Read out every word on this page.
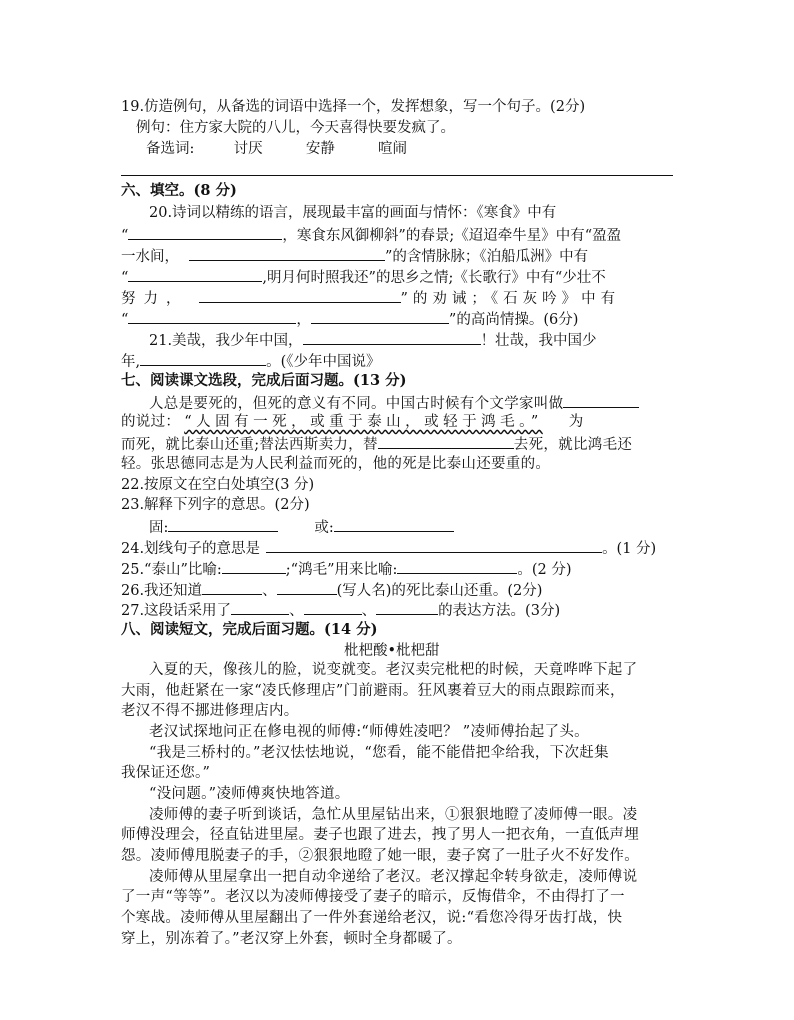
19.仿造例句，从备选的词语中选择一个，发挥想象，写一个句子。(2分)
例句：住方家大院的八儿，今天喜得快要发疯了。
备选词:	讨厌	安静	喧闹
六、填空。(8 分)
20.诗词以精练的语言，展现最丰富的画面与情怀：《寒食》中有
“	，寒食东风御柳斜”的春景;《迢迢牵牛星》中有“盈盈
一水间，	”的含情脉脉；《泊船瓜洲》中有
“	,明月何时照我还”的思乡之情;《长歌行》中有“少壮不
努力，	”的劝诫；《石灰吟》中有
“	，	”的高尚情操。(6分)
21.美哉，我少年中国，	！壮哉，我中国少
年,	。(《少年中国说》
七、阅读课文选段，完成后面习题。(13 分)
人总是要死的，但死的意义有不同。中国古时候有个文学家叫做
的说过： “人固有一死，或重于泰山，或轻于鸿毛。” 为
而死，就比泰山还重;替法西斯卖力，替	去死，就比鸿毛还
轻。张思德同志是为人民利益而死的，他的死是比泰山还要重的。
22.按原文在空白处填空(3 分)
23.解释下列字的意思。(2分)
固:	或:
24.划线句子的意思是	。(1 分)
25.“泰山”比喻:	;“鸿毛”用来比喻:	。(2 分)
26.我还知道	、	(写人名)的死比泰山还重。(2分)
27.这段话采用了	、	、	的表达方法。(3分)
八、阅读短文，完成后面习题。(14 分)
枇杷酸•枇杷甜
入夏的天，像孩儿的脸，说变就变。老汉卖完枇杷的时候，天竟哗哗下起了
大雨，他赶紧在一家“凌氏修理店”门前避雨。狂风裹着豆大的雨点跟踪而来，
老汉不得不挪进修理店内。
老汉试探地问正在修电视的师傅:“师傅姓凌吧？ ”凌师傅抬起了头。
“我是三桥村的。”老汉怯怯地说，“您看，能不能借把伞给我，下次赶集
我保证还您。”
“没问题。”凌师傅爽快地答道。
凌师傅的妻子听到谈话，急忙从里屋钻出来，①狠狠地瞪了凌师傅一眼。凌
师傅没理会，径直钻进里屋。妻子也跟了进去，拽了男人一把衣角，一直低声埋
怨。凌师傅甩脱妻子的手，②狠狠地瞪了她一眼，妻子窝了一肚子火不好发作。
凌师傅从里屋拿出一把自动伞递给了老汉。老汉撑起伞转身欲走，凌师傅说
了一声“等等”。老汉以为凌师傅接受了妻子的暗示，反悔借伞，不由得打了一
个寒战。凌师傅从里屋翻出了一件外套递给老汉，说:“看您冷得牙齿打战，快
穿上，别冻着了。”老汉穿上外套，顿时全身都暖了。
